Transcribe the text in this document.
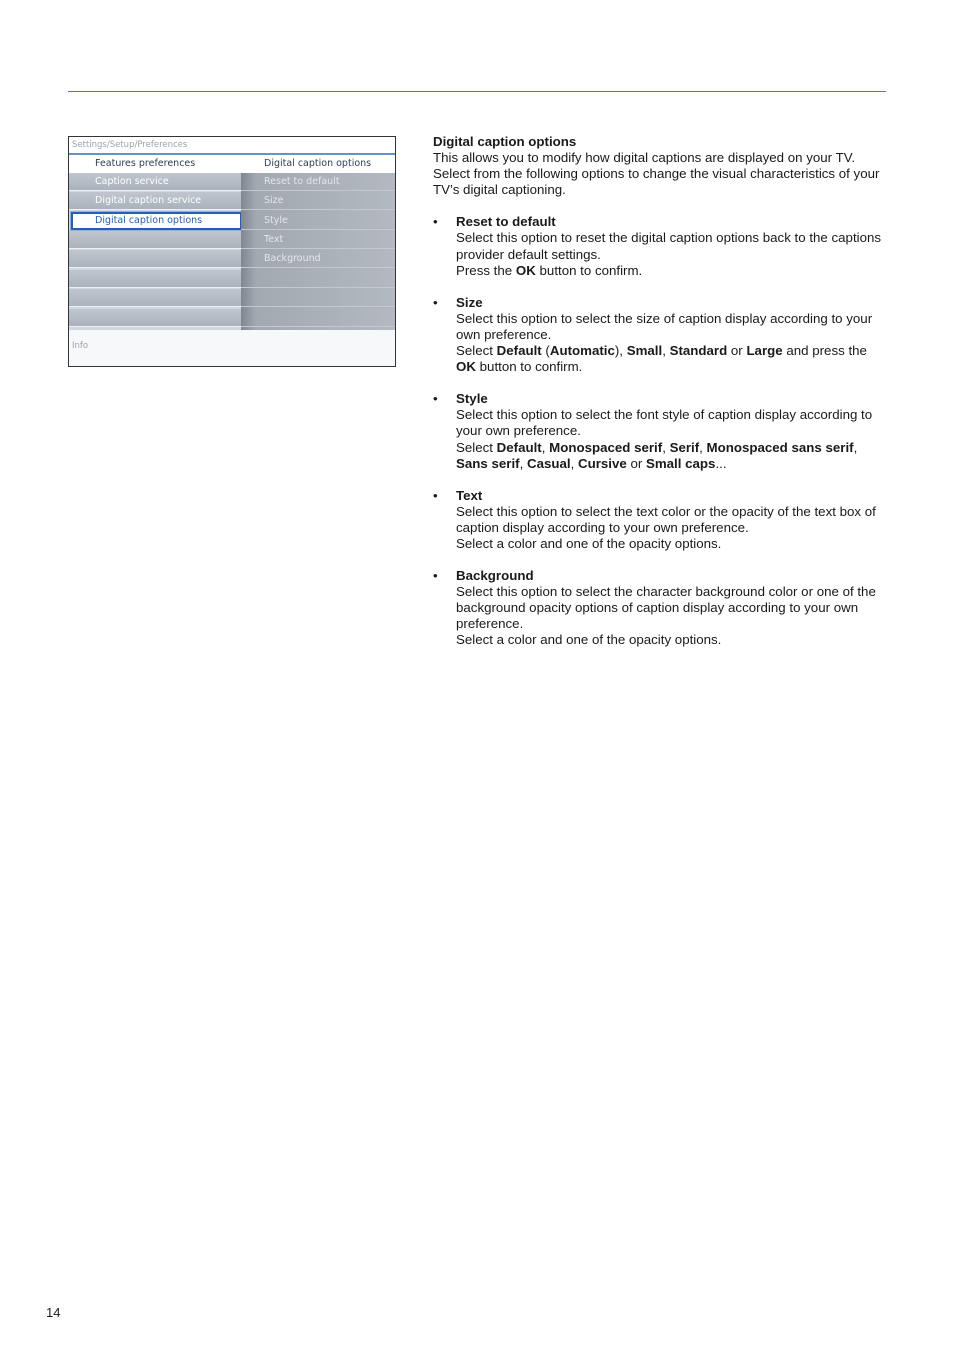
Settings/Setup/Preferences
Features preferences	Digital caption options
Caption service
Digital caption service
Digital caption options
Reset to default
Size
Style
Text
Background
Info

Digital caption options

This allows you to modify how digital captions are displayed on your TV. Select from the following options to change the visual characteristics of your TV’s digital captioning.

• Reset to default

Select this option to reset the digital caption options back to the captions provider default settings.

Press the OK button to confirm.

• Size

Select this option to select the size of caption display according to your own preference.

Select Default (Automatic), Small, Standard or Large and press the OK button to confirm.

• Style

Select this option to select the font style of caption display according to your own preference.

Select Default, Monospaced serif, Serif, Monospaced sans serif, Sans serif, Casual, Cursive or Small caps...

• Text

Select this option to select the text color or the opacity of the text box of caption display according to your own preference.

Select a color and one of the opacity options.

• Background

Select this option to select the character background color or one of the background opacity options of caption display according to your own preference.

Select a color and one of the opacity options.

14
